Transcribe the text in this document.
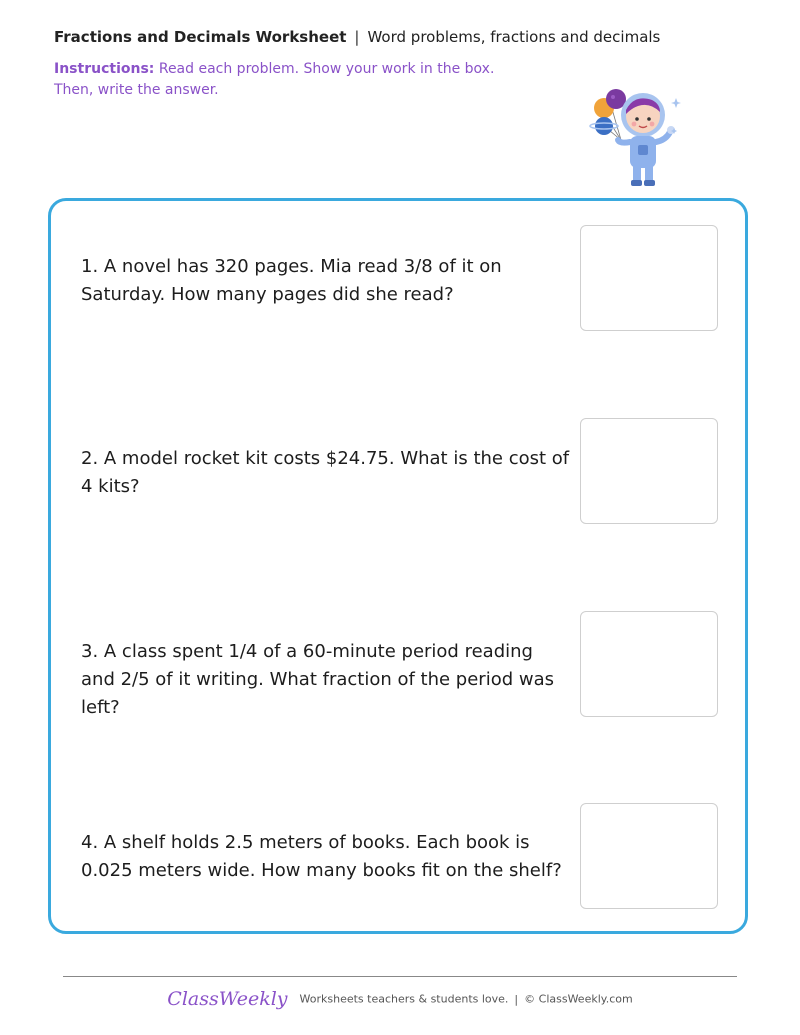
Fractions and Decimals Worksheet | Word problems, fractions and decimals
Instructions: Read each problem. Show your work in the box. Then, write the answer.
1. A novel has 320 pages. Mia read 3/8 of it on Saturday. How many pages did she read?
2. A model rocket kit costs $24.75. What is the cost of 4 kits?
3. A class spent 1/4 of a 60-minute period reading and 2/5 of it writing. What fraction of the period was left?
4. A shelf holds 2.5 meters of books. Each book is 0.025 meters wide. How many books fit on the shelf?
ClassWeekly Worksheets teachers & students love. | © ClassWeekly.com
